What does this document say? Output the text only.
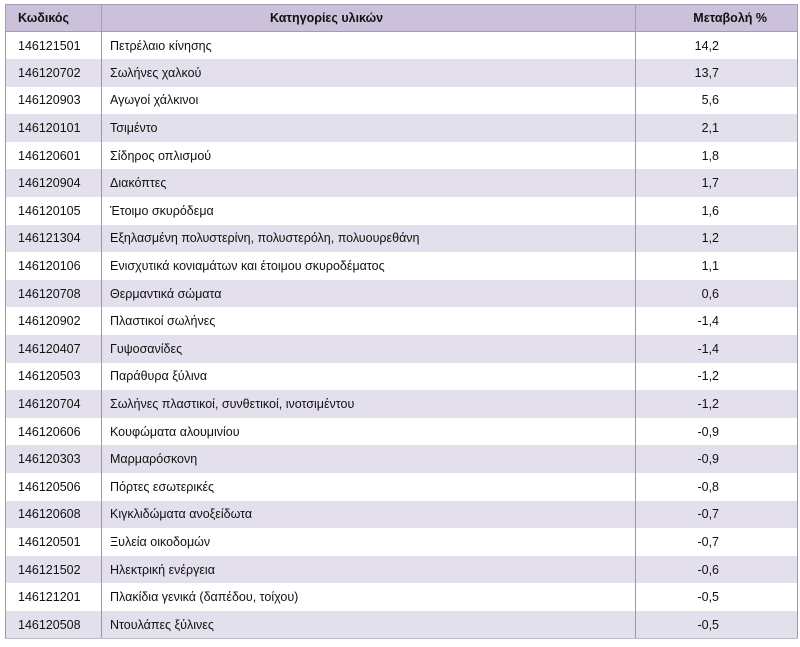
Κωδικός	Κατηγορίες υλικών	Μεταβολή %
146121501	Πετρέλαιο κίνησης	14,2
146120702	Σωλήνες χαλκού	13,7
146120903	Αγωγοί χάλκινοι	5,6
146120101	Τσιμέντο	2,1
146120601	Σίδηρος οπλισμού	1,8
146120904	Διακόπτες	1,7
146120105	Έτοιμο σκυρόδεμα	1,6
146121304	Εξηλασμένη πολυστερίνη, πολυστερόλη, πολυουρεθάνη	1,2
146120106	Ενισχυτικά κονιαμάτων και έτοιμου σκυροδέματος	1,1
146120708	Θερμαντικά σώματα	0,6
146120902	Πλαστικοί σωλήνες	-1,4
146120407	Γυψοσανίδες	-1,4
146120503	Παράθυρα ξύλινα	-1,2
146120704	Σωλήνες πλαστικοί, συνθετικοί, ινοτσιμέντου	-1,2
146120606	Κουφώματα αλουμινίου	-0,9
146120303	Μαρμαρόσκονη	-0,9
146120506	Πόρτες εσωτερικές	-0,8
146120608	Κιγκλιδώματα ανοξείδωτα	-0,7
146120501	Ξυλεία οικοδομών	-0,7
146121502	Ηλεκτρική ενέργεια	-0,6
146121201	Πλακίδια γενικά (δαπέδου, τοίχου)	-0,5
146120508	Ντουλάπες ξύλινες	-0,5
